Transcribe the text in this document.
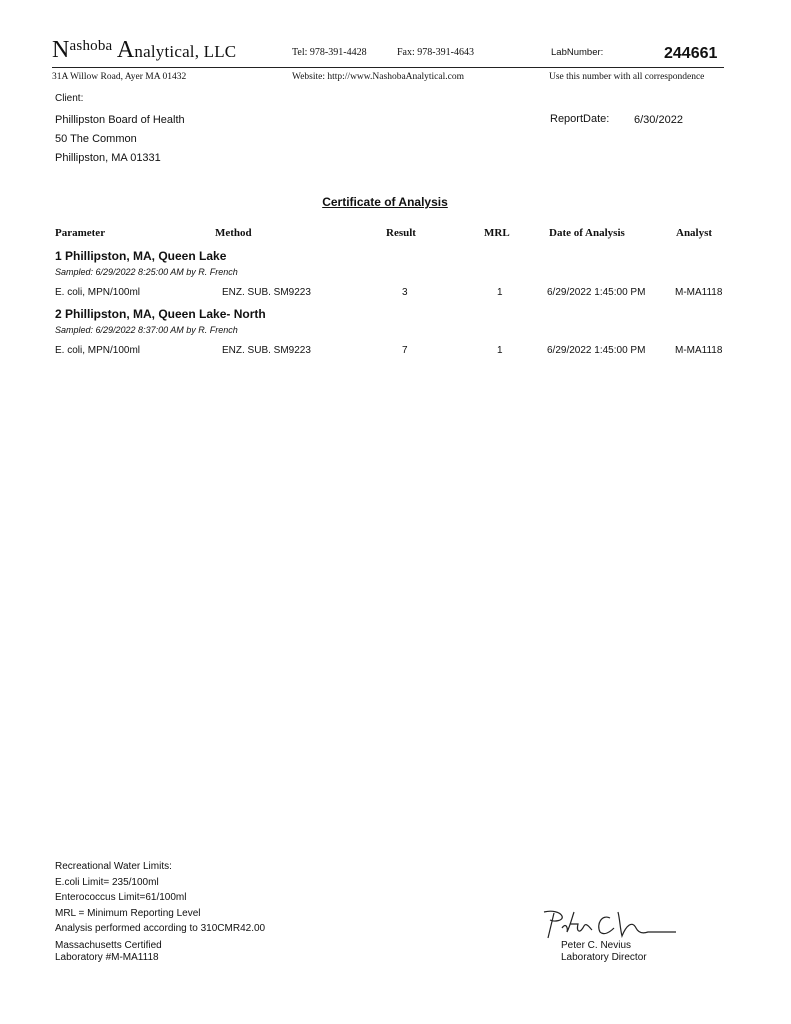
Nashoba Analytical, LLC	Tel: 978-391-4428	Fax: 978-391-4643	LabNumber:	244661
31A Willow Road, Ayer MA 01432	Website: http://www.NashobaAnalytical.com	Use this number with all correspondence
Client:
Phillipston Board of Health
50 The Common
Phillipston, MA 01331
ReportDate: 6/30/2022
Certificate of Analysis
Parameter	Method	Result	MRL	Date of Analysis	Analyst
1 Phillipston, MA, Queen Lake
Sampled: 6/29/2022 8:25:00 AM by R. French
E. coli, MPN/100ml	ENZ. SUB. SM9223	3	1	6/29/2022 1:45:00 PM	M-MA1118
2 Phillipston, MA, Queen Lake- North
Sampled: 6/29/2022 8:37:00 AM by R. French
E. coli, MPN/100ml	ENZ. SUB. SM9223	7	1	6/29/2022 1:45:00 PM	M-MA1118
Recreational Water Limits:
E.coli Limit= 235/100ml
Enterococcus Limit=61/100ml
MRL = Minimum Reporting Level
Analysis performed according to 310CMR42.00
Massachusetts Certified
Laboratory #M-MA1118
Peter C. Nevius
Laboratory Director
